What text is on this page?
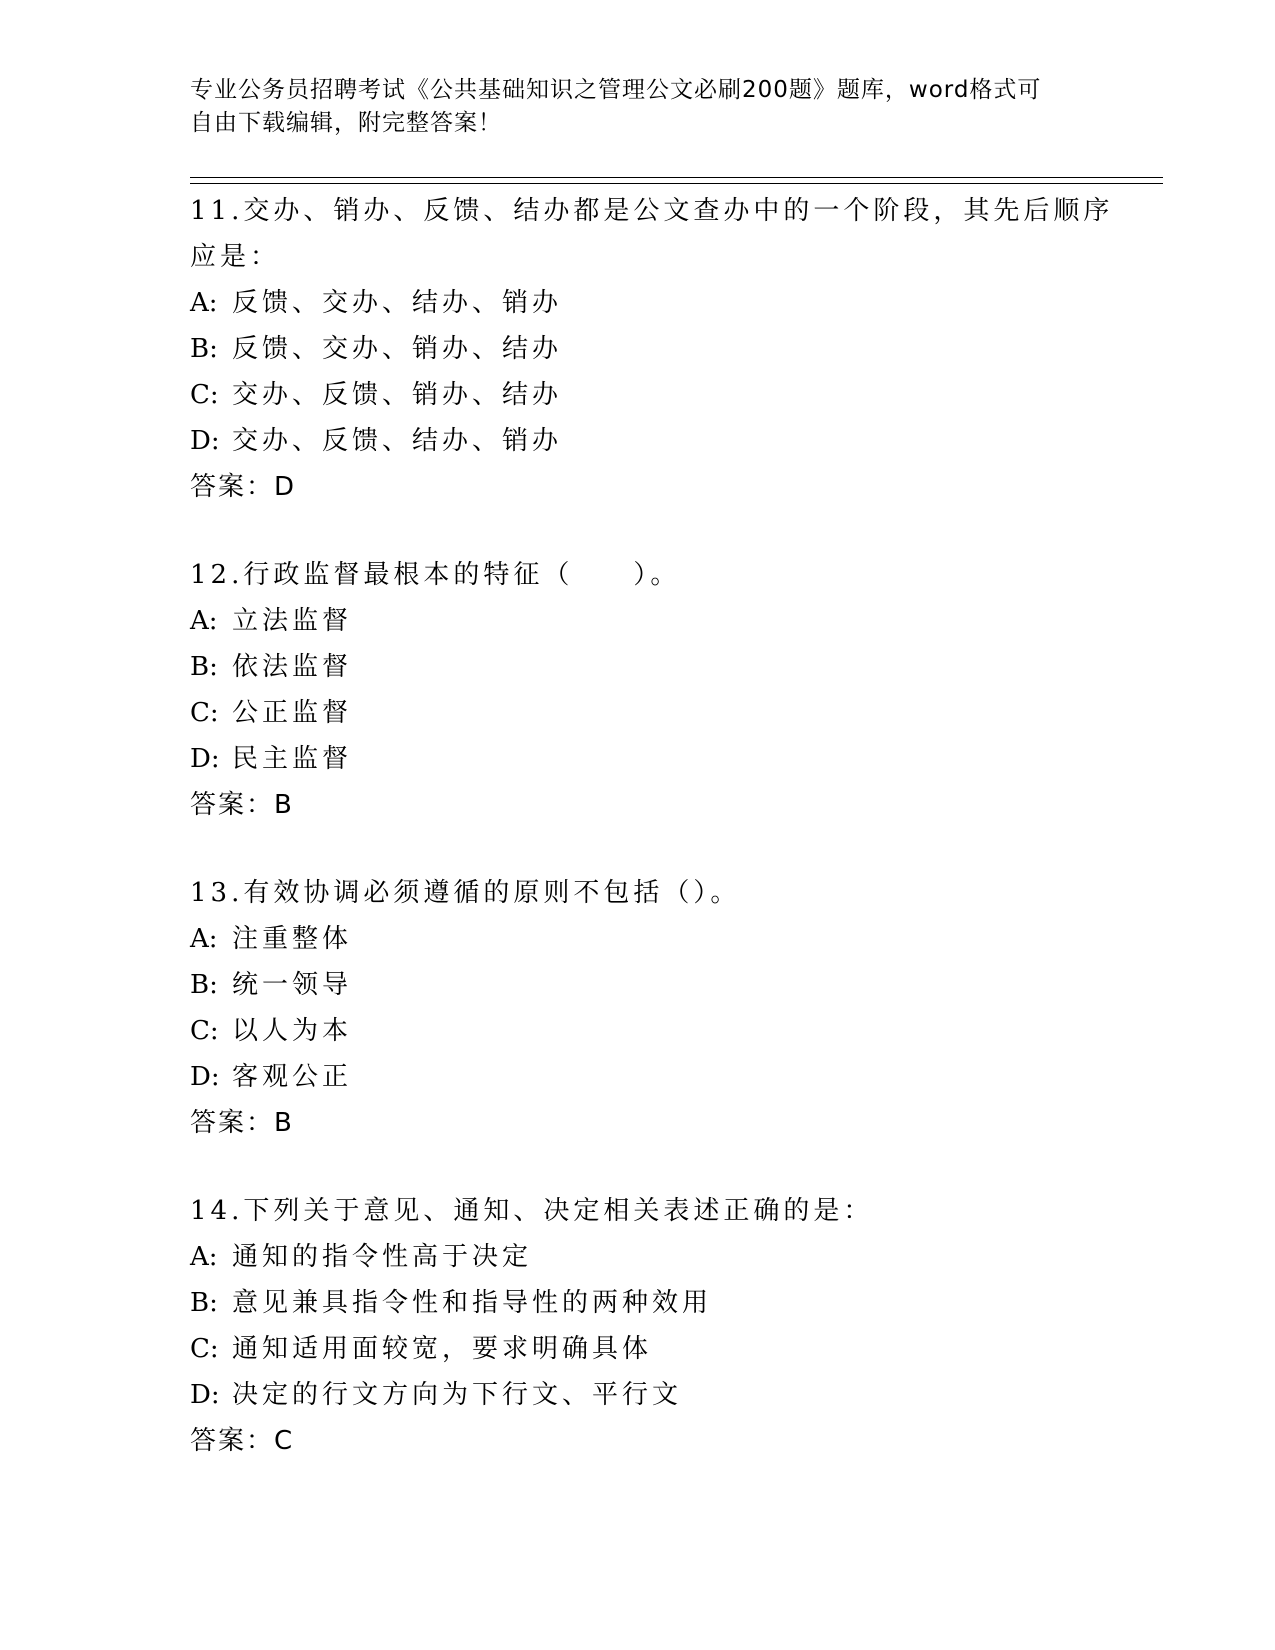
专业公务员招聘考试《公共基础知识之管理公文必刷200题》题库，word格式可
自由下载编辑，附完整答案！
11.交办、销办、反馈、结办都是公文查办中的一个阶段，其先后顺序
应是：
A: 反馈、交办、结办、销办
B: 反馈、交办、销办、结办
C: 交办、反馈、销办、结办
D: 交办、反馈、结办、销办
答案：D
12.行政监督最根本的特征（　　）。
A: 立法监督
B: 依法监督
C: 公正监督
D: 民主监督
答案：B
13.有效协调必须遵循的原则不包括（）。
A: 注重整体
B: 统一领导
C: 以人为本
D: 客观公正
答案：B
14.下列关于意见、通知、决定相关表述正确的是：
A: 通知的指令性高于决定
B: 意见兼具指令性和指导性的两种效用
C: 通知适用面较宽，要求明确具体
D: 决定的行文方向为下行文、平行文
答案：C
